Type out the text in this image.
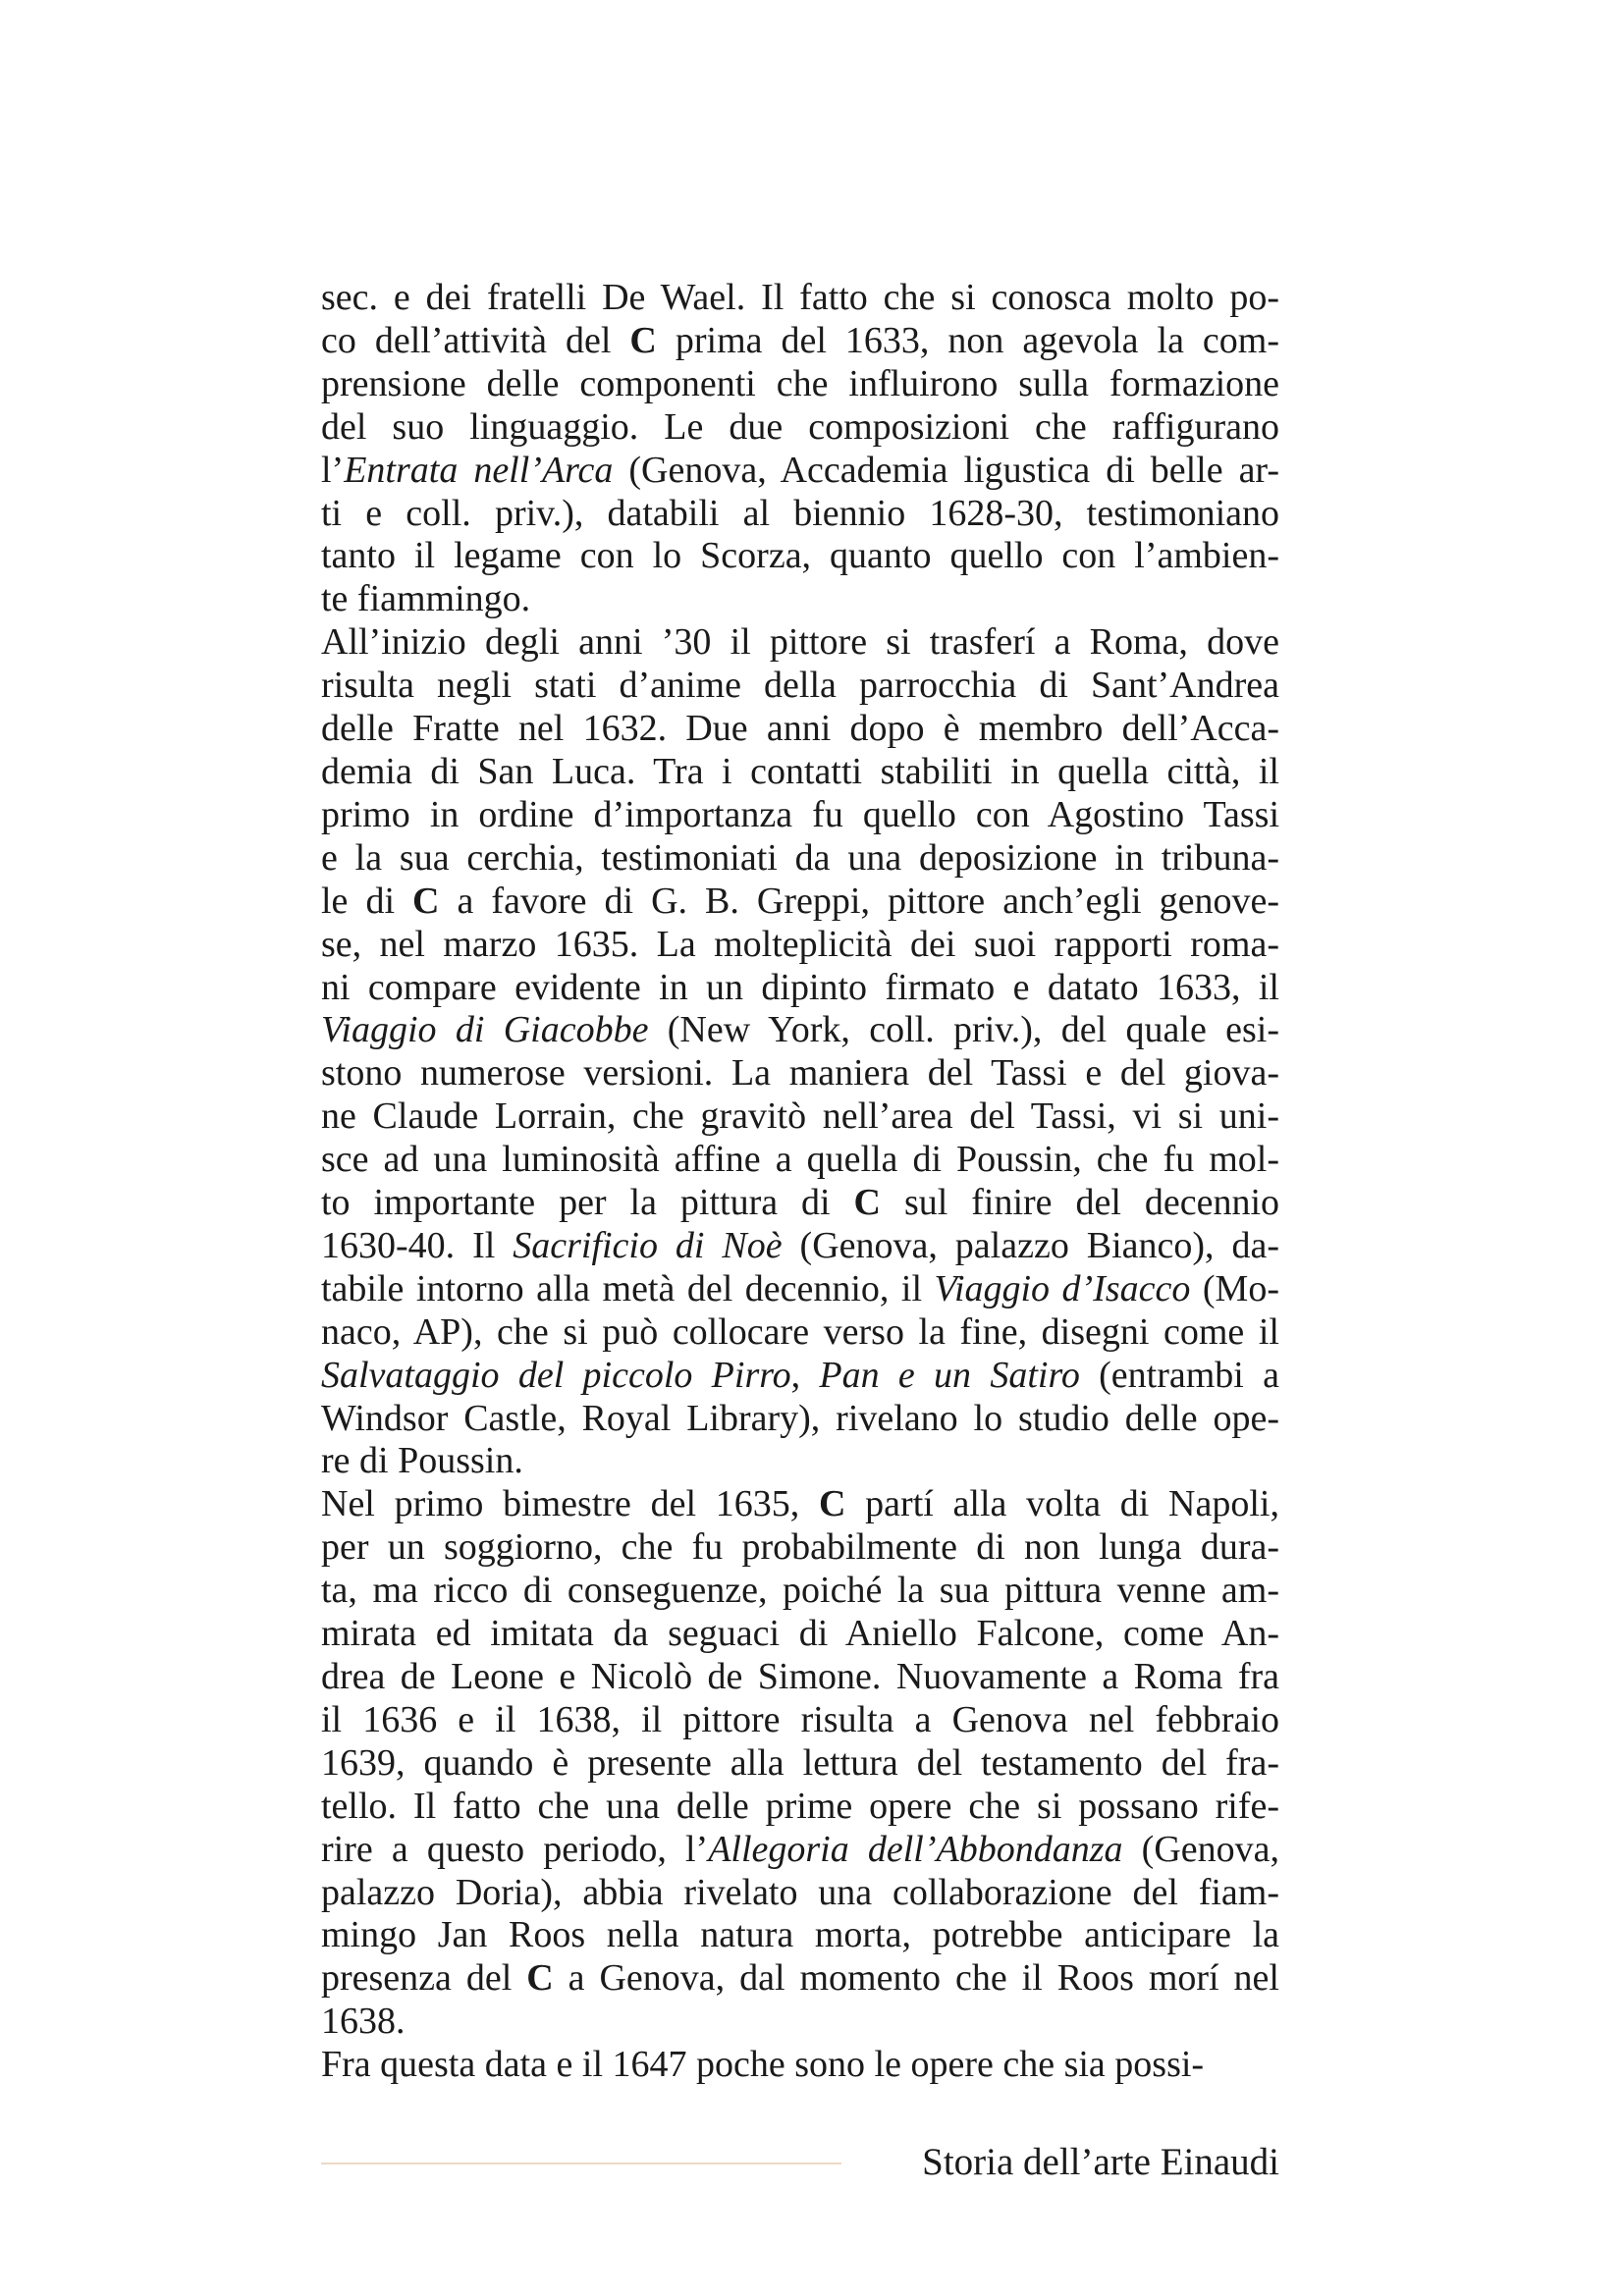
sec. e dei fratelli De Wael. Il fatto che si conosca molto po-
co dell’attività del C prima del 1633, non agevola la com-
prensione delle componenti che influirono sulla formazione
del suo linguaggio. Le due composizioni che raffigurano
l’Entrata nell’Arca (Genova, Accademia ligustica di belle ar-
ti e coll. priv.), databili al biennio 1628-30, testimoniano
tanto il legame con lo Scorza, quanto quello con l’ambien-
te fiammingo.
All’inizio degli anni ’30 il pittore si trasferí a Roma, dove
risulta negli stati d’anime della parrocchia di Sant’Andrea
delle Fratte nel 1632. Due anni dopo è membro dell’Acca-
demia di San Luca. Tra i contatti stabiliti in quella città, il
primo in ordine d’importanza fu quello con Agostino Tassi
e la sua cerchia, testimoniati da una deposizione in tribuna-
le di C a favore di G. B. Greppi, pittore anch’egli genove-
se, nel marzo 1635. La molteplicità dei suoi rapporti roma-
ni compare evidente in un dipinto firmato e datato 1633, il
Viaggio di Giacobbe (New York, coll. priv.), del quale esi-
stono numerose versioni. La maniera del Tassi e del giova-
ne Claude Lorrain, che gravitò nell’area del Tassi, vi si uni-
sce ad una luminosità affine a quella di Poussin, che fu mol-
to importante per la pittura di C sul finire del decennio
1630-40. Il Sacrificio di Noè (Genova, palazzo Bianco), da-
tabile intorno alla metà del decennio, il Viaggio d’Isacco (Mo-
naco, AP), che si può collocare verso la fine, disegni come il
Salvataggio del piccolo Pirro, Pan e un Satiro (entrambi a
Windsor Castle, Royal Library), rivelano lo studio delle ope-
re di Poussin.
Nel primo bimestre del 1635, C partí alla volta di Napoli,
per un soggiorno, che fu probabilmente di non lunga dura-
ta, ma ricco di conseguenze, poiché la sua pittura venne am-
mirata ed imitata da seguaci di Aniello Falcone, come An-
drea de Leone e Nicolò de Simone. Nuovamente a Roma fra
il 1636 e il 1638, il pittore risulta a Genova nel febbraio
1639, quando è presente alla lettura del testamento del fra-
tello. Il fatto che una delle prime opere che si possano rife-
rire a questo periodo, l’Allegoria dell’Abbondanza (Genova,
palazzo Doria), abbia rivelato una collaborazione del fiam-
mingo Jan Roos nella natura morta, potrebbe anticipare la
presenza del C a Genova, dal momento che il Roos morí nel
1638.
Fra questa data e il 1647 poche sono le opere che sia possi-
Storia dell’arte Einaudi
